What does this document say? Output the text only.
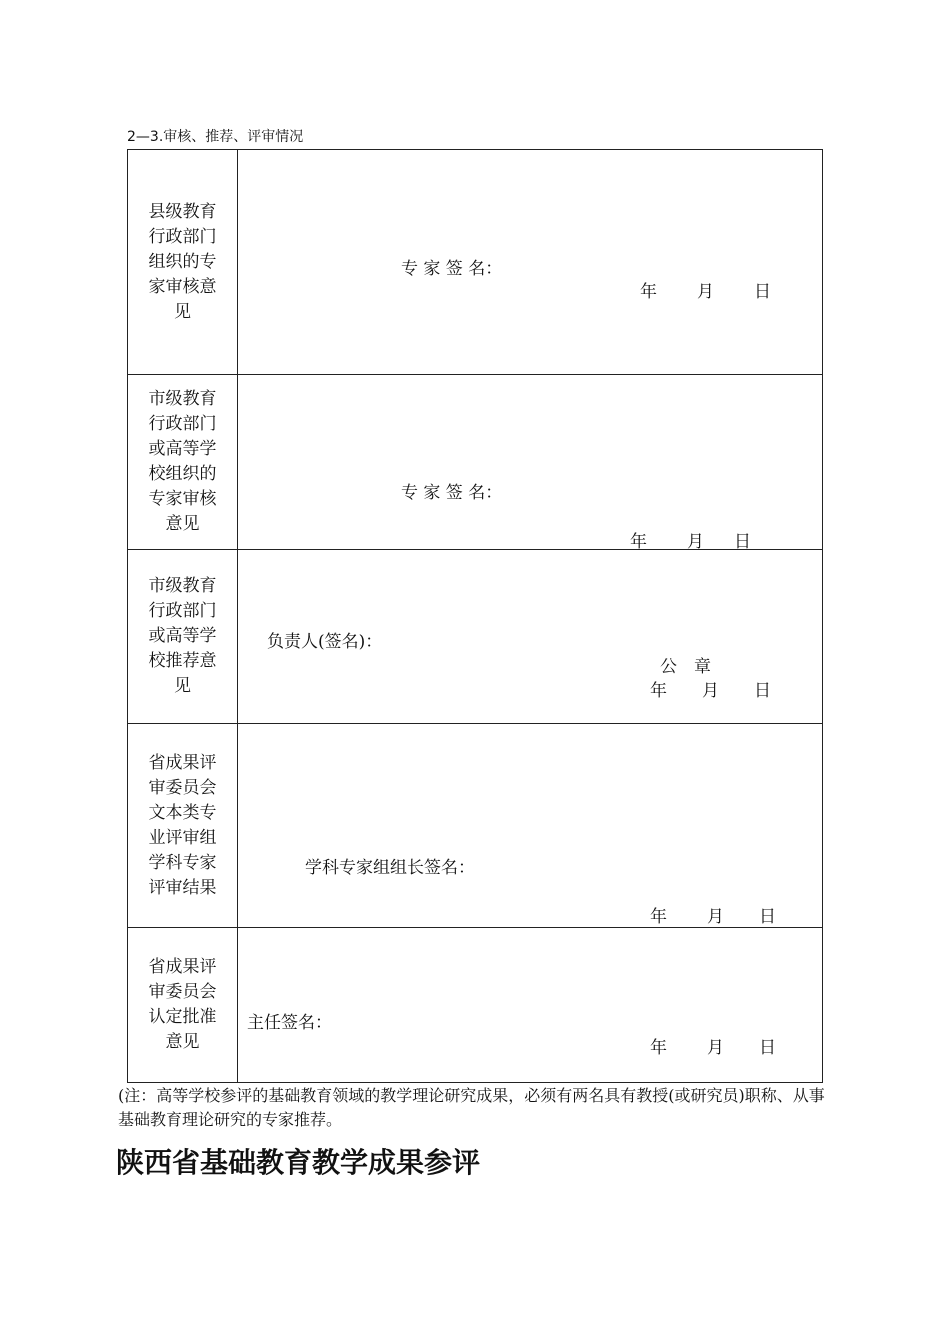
2—3.审核、推荐、评审情况
县级教育行政部门组织的专家审核意见
专 家 签 名：
年 月 日
市级教育行政部门或高等学校组织的专家审核意见
专 家 签 名：
年 月 日
市级教育行政部门或高等学校推荐意见
负责人(签名)：
公　章
年 月 日
省成果评审委员会文本类专业评审组学科专家评审结果
学科专家组组长签名：
年 月 日
省成果评审委员会认定批准意见
主任签名：
年 月 日
(注：高等学校参评的基础教育领域的教学理论研究成果，必须有两名具有教授(或研究员)职称、从事基础教育理论研究的专家推荐。
陕西省基础教育教学成果参评
